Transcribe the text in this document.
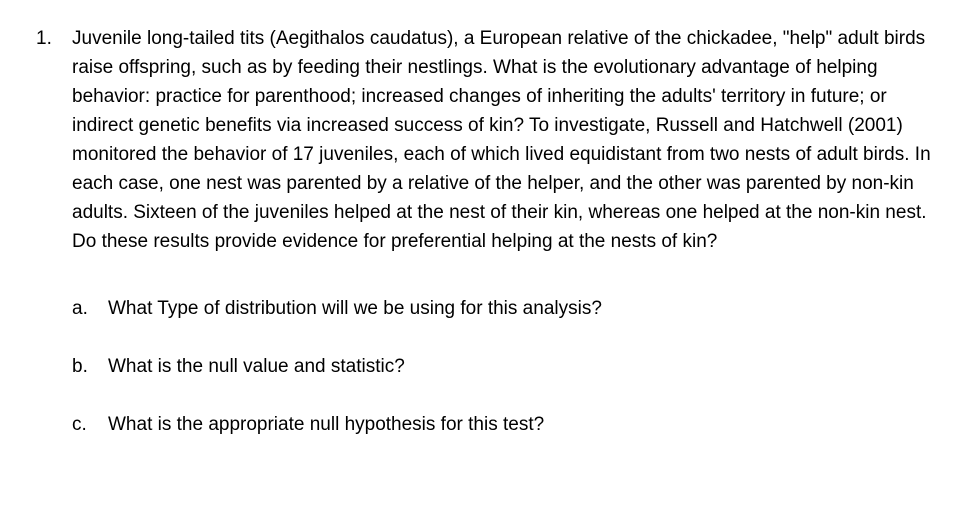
1. Juvenile long-tailed tits (Aegithalos caudatus), a European relative of the chickadee, "help" adult birds raise offspring, such as by feeding their nestlings. What is the evolutionary advantage of helping behavior: practice for parenthood; increased changes of inheriting the adults' territory in future; or indirect genetic benefits via increased success of kin? To investigate, Russell and Hatchwell (2001) monitored the behavior of 17 juveniles, each of which lived equidistant from two nests of adult birds. In each case, one nest was parented by a relative of the helper, and the other was parented by non-kin adults. Sixteen of the juveniles helped at the nest of their kin, whereas one helped at the non-kin nest. Do these results provide evidence for preferential helping at the nests of kin?

a. What Type of distribution will we be using for this analysis?
b. What is the null value and statistic?
c. What is the appropriate null hypothesis for this test?
